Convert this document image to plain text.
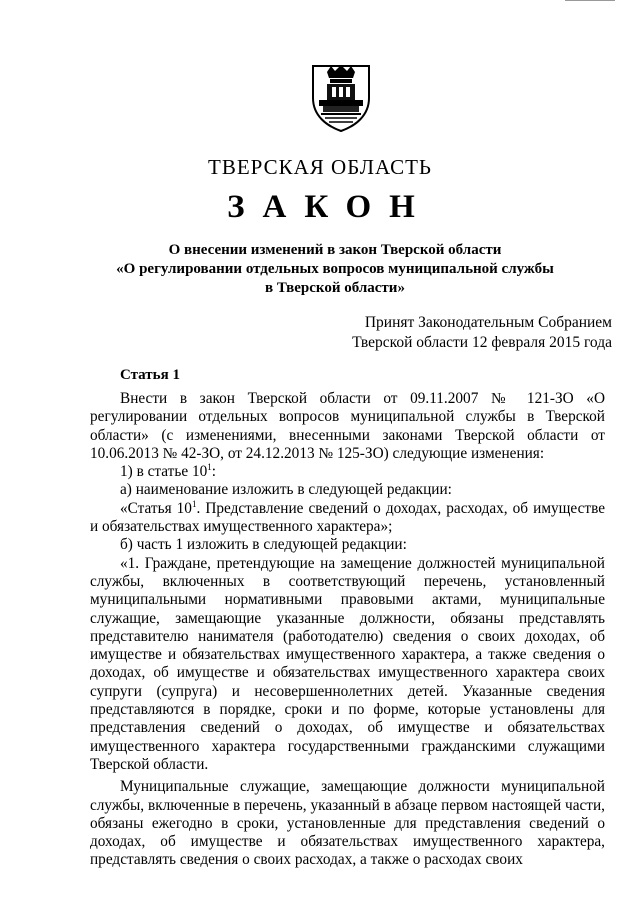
ТВЕРСКАЯ ОБЛАСТЬ
ЗАКОН
О внесении изменений в закон Тверской области
«О регулировании отдельных вопросов муниципальной службы
в Тверской области»
Принят Законодательным Собранием
Тверской области 12 февраля 2015 года
Статья 1

Внести в закон Тверской области от 09.11.2007 № 121-ЗО «О регулировании отдельных вопросов муниципальной службы в Тверской области» (с изменениями, внесенными законами Тверской области от 10.06.2013 № 42-ЗО, от 24.12.2013 № 125-ЗО) следующие изменения:

1) в статье $10^1$:

а) наименование изложить в следующей редакции:

«Статья $10^1$. Представление сведений о доходах, расходах, об имуществе и обязательствах имущественного характера»;

б) часть 1 изложить в следующей редакции:

«1. Граждане, претендующие на замещение должностей муниципальной службы, включенных в соответствующий перечень, установленный муниципальными нормативными правовыми актами, муниципальные служащие, замещающие указанные должности, обязаны представлять представителю нанимателя (работодателю) сведения о своих доходах, об имуществе и обязательствах имущественного характера, а также сведения о доходах, об имуществе и обязательствах имущественного характера своих супруги (супруга) и несовершеннолетних детей. Указанные сведения представляются в порядке, сроки и по форме, которые установлены для представления сведений о доходах, об имуществе и обязательствах имущественного характера государственными гражданскими служащими Тверской области.

Муниципальные служащие, замещающие должности муниципальной службы, включенные в перечень, указанный в абзаце первом настоящей части, обязаны ежегодно в сроки, установленные для представления сведений о доходах, об имуществе и обязательствах имущественного характера, представлять сведения о своих расходах, а также о расходах своих
